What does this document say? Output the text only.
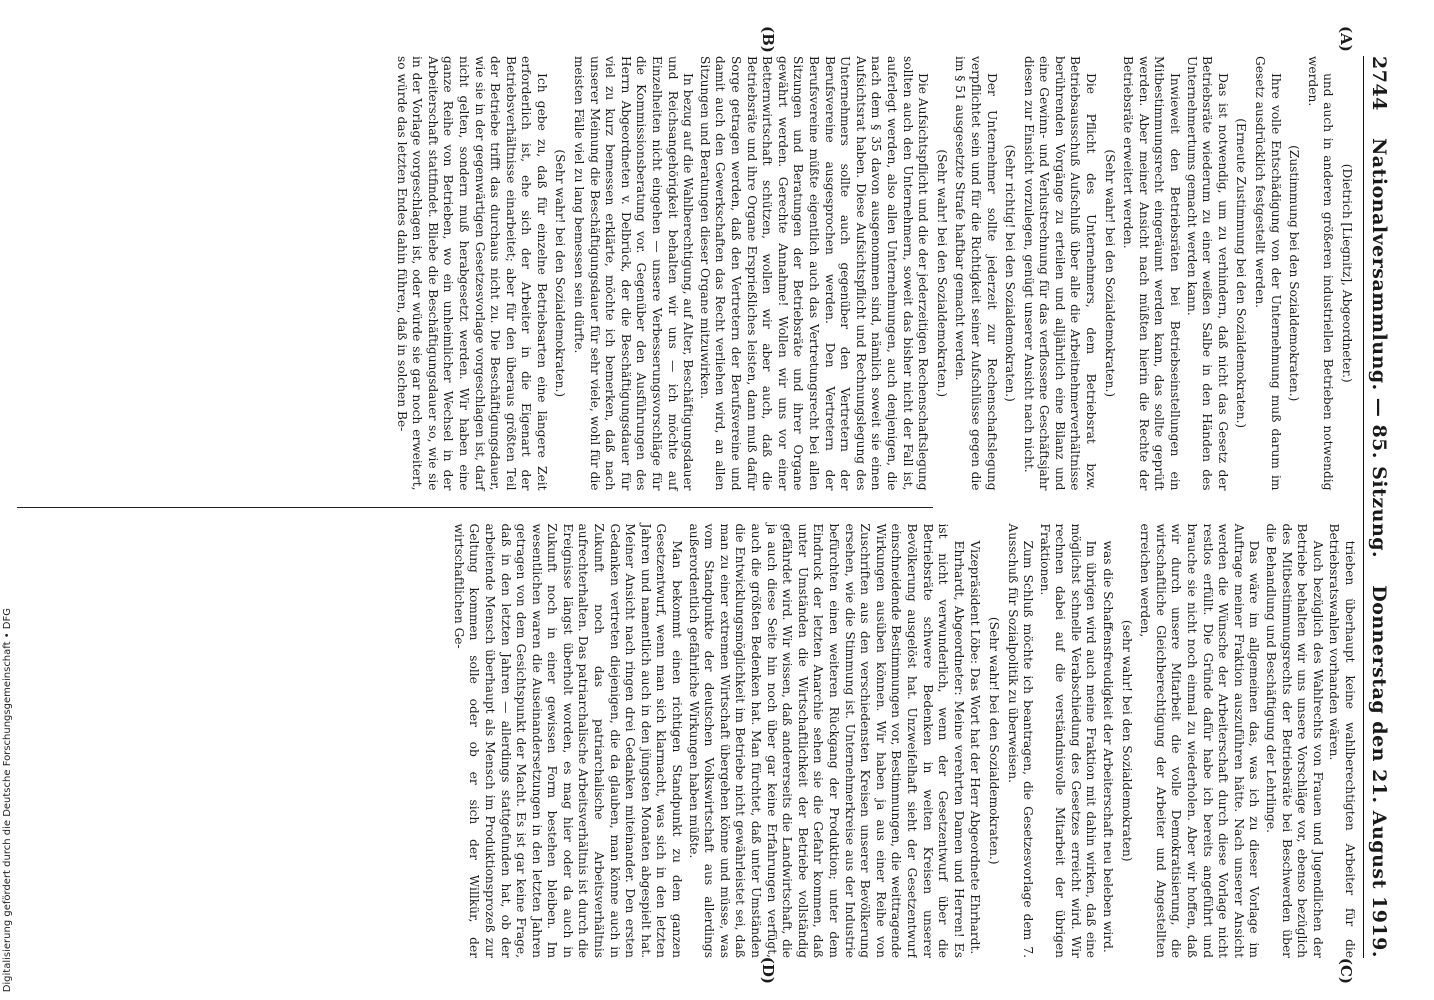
2744
Nationalversammlung. — 85. Sitzung.
Donnerstag den 21. August 1919.
(A)
(B)
(C)
(D)

(Dietrich [Liegnitz], Abgeordneter.)

und auch in anderen größeren industriellen Betrieben notwendig werden.

(Zustimmung bei den Sozialdemokraten.)

Ihre volle Entschädigung von der Unternehmung muß darum im Gesetz ausdrücklich festgestellt werden.

(Erneute Zustimmung bei den Sozialdemokraten.)

Das ist notwendig, um zu verhindern, daß nicht das Gesetz der Betriebsräte wiederum zu einer weißen Salbe in den Händen des Unternehmertums gemacht werden kann.

Inwieweit den Betriebsräten bei Betriebseinstellungen ein Mitbestimmungsrecht eingeräumt werden kann, das sollte geprüft werden. Aber meiner Ansicht nach müßten hierin die Rechte der Betriebsräte erweitert werden.

(Sehr wahr! bei den Sozialdemokraten.)

Die Pflicht des Unternehmers, dem Betriebsrat bzw. Betriebsausschuß Aufschluß über alle die Arbeitnehmerverhältnisse berührenden Vorgänge zu erteilen und alljährlich eine Bilanz und eine Gewinn- und Verlustrechnung für das verflossene Geschäftsjahr diesen zur Einsicht vorzulegen, genügt unserer Ansicht nach nicht.

(Sehr richtig! bei den Sozialdemokraten.)

Der Unternehmer sollte jederzeit zur Rechenschaftslegung verpflichtet sein und für die Richtigkeit seiner Aufschlüsse gegen die im § 51 ausgesetzte Strafe haftbar gemacht werden.

(Sehr wahr! bei den Sozialdemokraten.)

Die Aufsichtspflicht und die der jederzeitigen Rechenschaftslegung sollten auch den Unternehmern, soweit das bisher nicht der Fall ist, auferlegt werden, also allen Unternehmungen, auch denjenigen, die nach dem § 35 davon ausgenommen sind, nämlich soweit sie einen Aufsichtsrat haben. Diese Aufsichtspflicht und Rechnungslegung des Unternehmers sollte auch gegenüber den Vertretern der Berufsvereine ausgesprochen werden. Den Vertretern der Berufsvereine müßte eigentlich auch das Vertretungsrecht bei allen Sitzungen und Beratungen der Betriebsräte und ihrer Organe gewährt werden. Gerechte Annahme! Wollen wir uns vor einer Betternwirtschaft schützen, wollen wir aber auch, daß die Betriebsräte und ihre Organe Ersprießliches leisten, dann muß dafür Sorge getragen werden, daß den Vertretern der Berufsvereine und damit auch den Gewerkschaften das Recht verliehen wird, an allen Sitzungen und Beratungen dieser Organe mitzuwirken.

In bezug auf die Wahlberechtigung, auf Alter, Beschäftigungsdauer und Reichsangehörigkeit behalten wir uns — ich möchte auf Einzelheiten nicht eingehen — unsere Verbesserungsvorschläge für die Kommissionsberatung vor. Gegenüber den Ausführungen des Herrn Abgeordneten v. Delbrück, der die Beschäftigungsdauer für viel zu kurz bemessen erklärte, möchte ich bemerken, daß nach unserer Meinung die Beschäftigungsdauer für sehr viele, wohl für die meisten Fälle viel zu lang bemessen sein dürfte.

(Sehr wahr! bei den Sozialdemokraten.)

Ich gebe zu, daß für einzelne Betriebsarten eine längere Zeit erforderlich ist, ehe sich der Arbeiter in die Eigenart der Betriebsverhältnisse einarbeitet; aber für den überaus größten Teil der Betriebe trifft das durchaus nicht zu. Die Beschäftigungsdauer, wie sie in der gegenwärtigen Gesetzesvorlage vorgeschlagen ist, darf nicht gelten, sondern muß herabgesetzt werden. Wir haben eine ganze Reihe von Betrieben, wo ein unheimlicher Wechsel in der Arbeiterschaft stattfindet. Bliebe die Beschäftigungsdauer so, wie sie in der Vorlage vorgeschlagen ist, oder würde sie gar noch erweitert, so würde das letzten Endes dahin führen, daß in solchen Be-

trieben überhaupt keine wahlberechtigten Arbeiter für die Betriebsratswahlen vorhanden wären.

Auch bezüglich des Wahlrechts von Frauen und Jugendlichen der Betriebe behalten wir uns unsere Vorschläge vor, ebenso bezüglich des Mitbestimmungsrechts der Betriebsräte bei Beschwerden über die Behandlung und Beschäftigung der Lehrlinge.

Das wäre im allgemeinen das, was ich zu dieser Vorlage im Auftrage meiner Fraktion auszuführen hätte. Nach unserer Ansicht werden die Wünsche der Arbeiterschaft durch diese Vorlage nicht restlos erfüllt. Die Gründe dafür habe ich bereits angeführt und brauche sie nicht noch einmal zu wiederholen. Aber wir hoffen, daß wir durch unsere Mitarbeit die volle Demokratisierung, die wirtschaftliche Gleichberechtigung der Arbeiter und Angestellten erreichen werden,

(sehr wahr! bei den Sozialdemokraten)

was die Schaffensfreudigkeit der Arbeiterschaft neu beleben wird.

Im übrigen wird auch meine Fraktion mit dahin wirken, daß eine möglichst schnelle Verabschiedung des Gesetzes erreicht wird. Wir rechnen dabei auf die verständnisvolle Mitarbeit der übrigen Fraktionen.

Zum Schluß möchte ich beantragen, die Gesetzesvorlage dem 7. Ausschuß für Sozialpolitik zu überweisen.

(Sehr wahr! bei den Sozialdemokraten.)

Vizepräsident Löbe: Das Wort hat der Herr Abgeordnete Ehrhardt.

Ehrhardt, Abgeordneter: Meine verehrten Damen und Herren! Es ist nicht verwunderlich, wenn der Gesetzentwurf über die Betriebsräte schwere Bedenken in weiten Kreisen unserer Bevölkerung ausgelöst hat. Unzweifelhaft sieht der Gesetzentwurf einschneidende Bestimmungen vor, Bestimmungen, die weittragende Wirkungen ausüben können. Wir haben ja aus einer Reihe von Zuschriften aus den verschiedensten Kreisen unserer Bevölkerung ersehen, wie die Stimmung ist. Unternehmerkreise aus der Industrie befürchten einen weiteren Rückgang der Produktion; unter dem Eindruck der letzten Anarchie sehen sie die Gefahr kommen, daß unter Umständen die Wirtschaftlichkeit der Betriebe vollständig gefährdet wird. Wir wissen, daß andererseits die Landwirtschaft, die ja auch diese Seite hin noch über gar keine Erfahrungen verfügt, auch die größten Bedenken hat. Man fürchtet, daß unter Umständen die Entwicklungsmöglichkeit im Betriebe nicht gewährleistet sei, daß man zu einer extremen Wirtschaft übergehen könne und müsse, was vom Standpunkte der deutschen Volkswirtschaft aus allerdings außerordentlich gefährliche Wirkungen haben müßte.

Man bekommt einen richtigen Standpunkt zu dem ganzen Gesetzentwurf, wenn man sich klarmacht, was sich in den letzten Jahren und namentlich auch in den jüngsten Monaten abgespielt hat. Meiner Ansicht nach ringen drei Gedanken miteinander. Den ersten Gedanken vertreten diejenigen, die da glauben, man könne auch in Zukunft noch das patriarchalische Arbeitsverhältnis aufrechterhalten. Das patriarchalische Arbeitsverhältnis ist durch die Ereignisse längst überholt worden, es mag hier oder da auch in Zukunft noch in einer gewissen Form bestehen bleiben. Im wesentlichen waren die Auseinandersetzungen in den letzten Jahren getragen von dem Gesichtspunkt der Macht. Es ist gar keine Frage, daß in den letzten Jahren — allerdings stattgefunden hat, ob der arbeitende Mensch überhaupt als Mensch im Produktionsprozeß zur Geltung kommen solle oder ob er sich der Willkür, der wirtschaftlichen Ge-

Digitalisierung gefördert durch die Deutsche Forschungsgemeinschaft • DFG
